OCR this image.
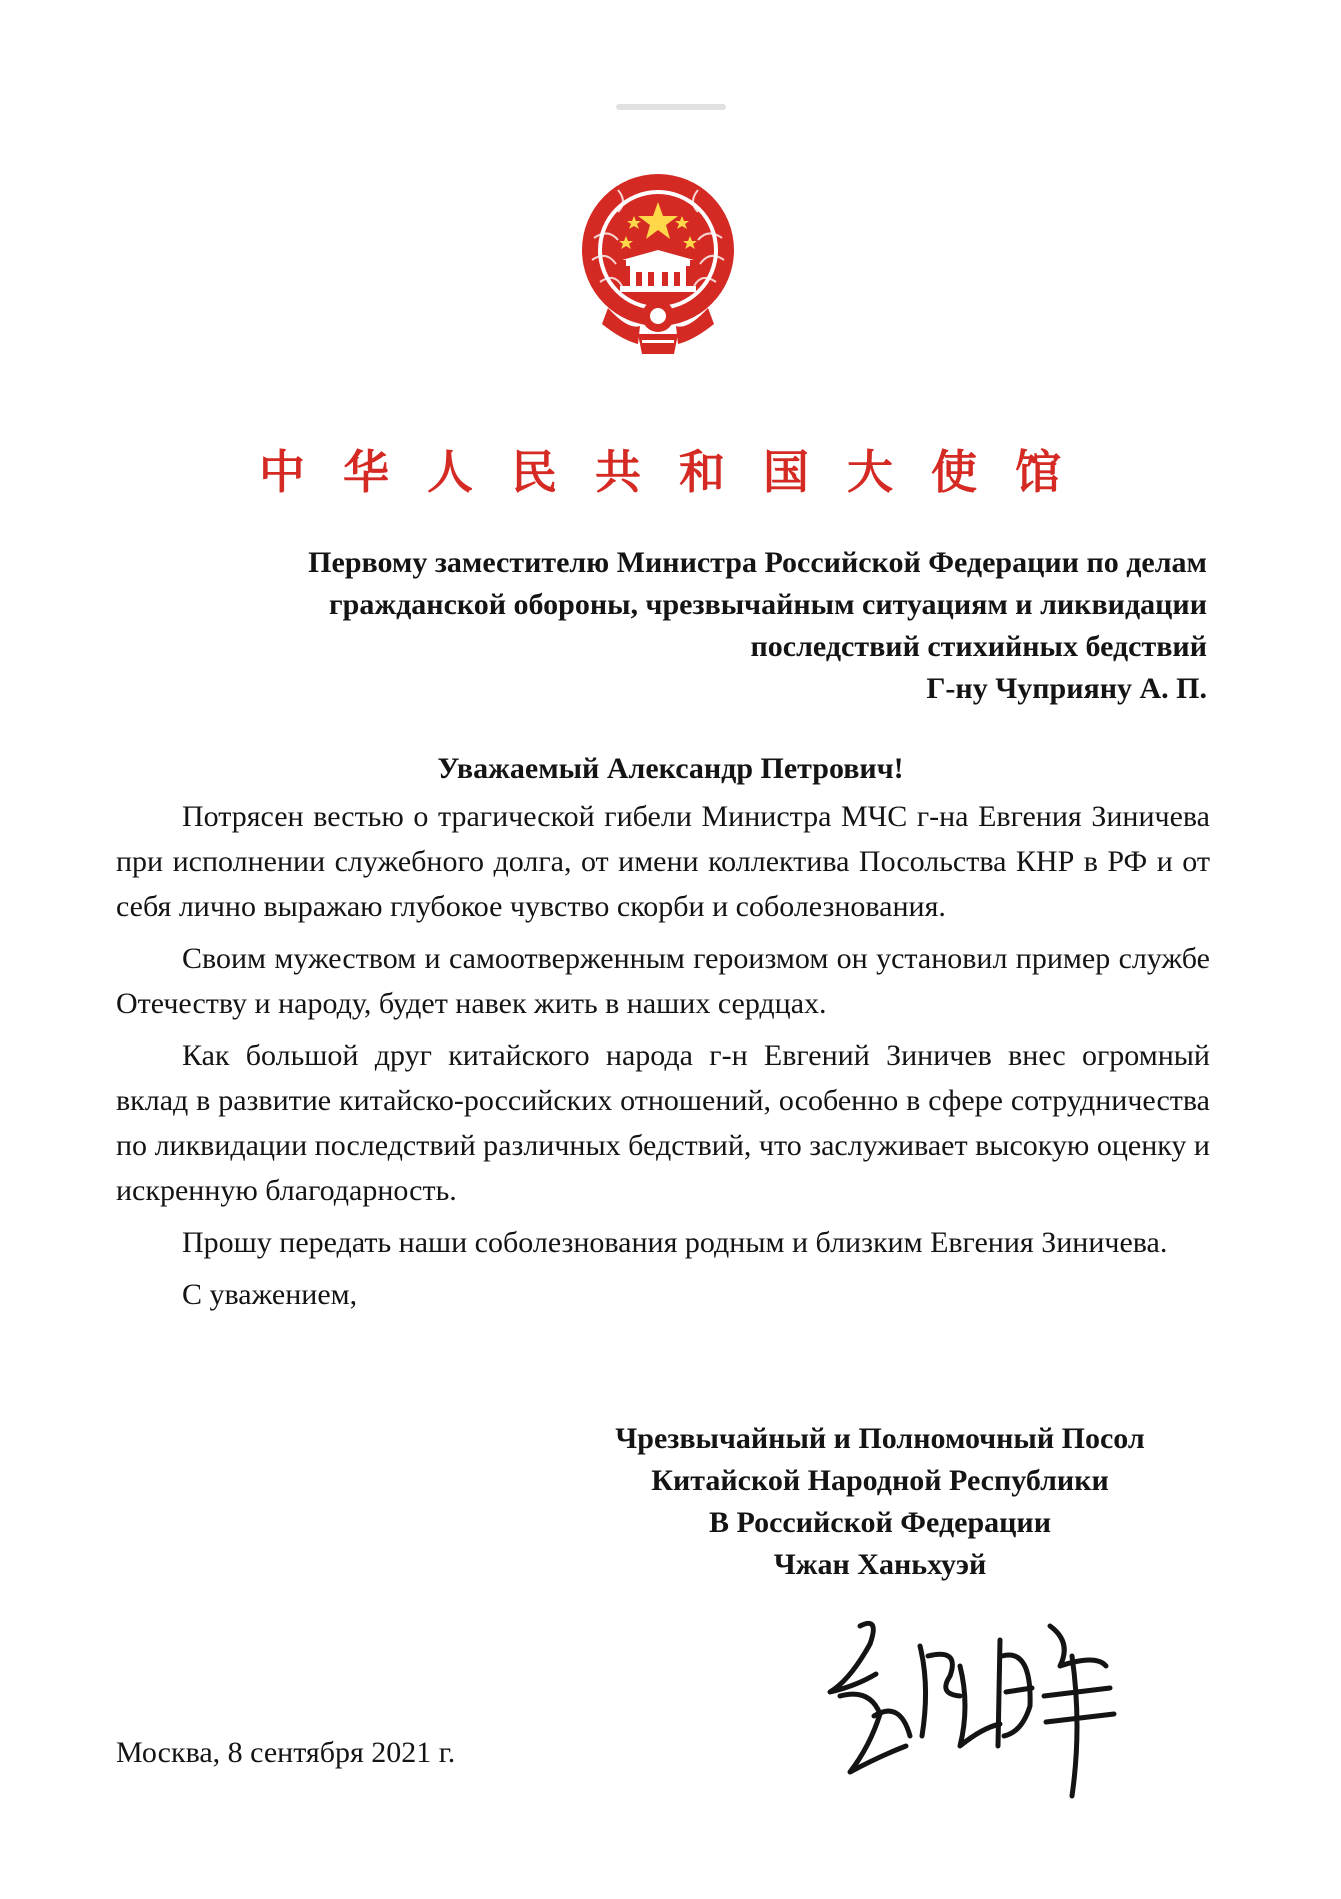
中 华 人 民 共 和 国 大 使 馆
Первому заместителю Министра Российской Федерации по делам
гражданской обороны, чрезвычайным ситуациям и ликвидации
последствий стихийных бедствий
Г-ну Чуприяну А. П.
Уважаемый Александр Петрович!

Потрясен вестью о трагической гибели Министра МЧС г-на Евгения Зиничева при исполнении служебного долга, от имени коллектива Посольства КНР в РФ и от себя лично выражаю глубокое чувство скорби и соболезнования.

Своим мужеством и самоотверженным героизмом он установил пример службе Отечеству и народу, будет навек жить в наших сердцах.

Как большой друг китайского народа г-н Евгений Зиничев внес огромный вклад в развитие китайско-российских отношений, особенно в сфере сотрудничества по ликвидации последствий различных бедствий, что заслуживает высокую оценку и искренную благодарность.

Прошу передать наши соболезнования родным и близким Евгения Зиничева.

С уважением,

Чрезвычайный и Полномочный Посол
Китайской Народной Республики
В Российской Федерации
Чжан Ханьхуэй
Москва, 8 сентября 2021 г.
